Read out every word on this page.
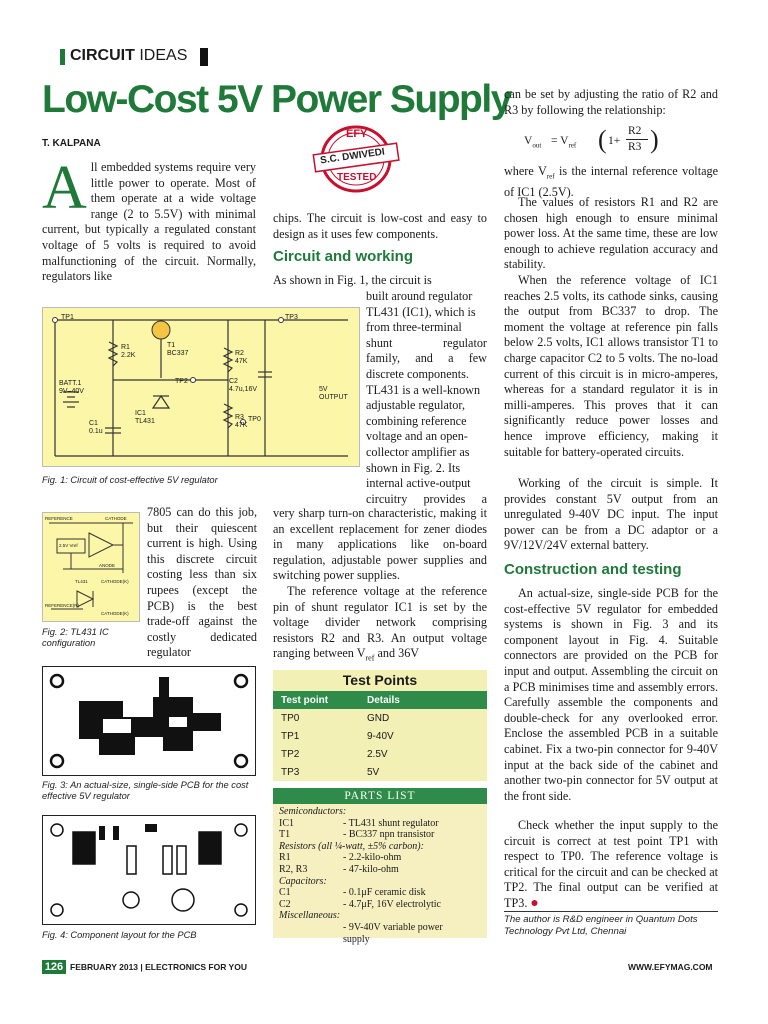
CIRCUIT IDEAS
Low-Cost 5V Power Supply
T. KALPANA
EFY
S.C. DWIVEDI
TESTED
A ll embedded systems require very little power to operate. Most of them operate at a wide voltage range (2 to 5.5V) with minimal current, but typically a regulated constant voltage of 5 volts is required to avoid malfunctioning of the circuit. Normally, regulators like

chips. The circuit is low-cost and easy to design as it uses few components.

Circuit and working

As shown in Fig. 1, the circuit is

built around regulator
TL431 (IC1), which is
from three-terminal
shunt regulator
family, and a few
discrete components.
TL431 is a well-known
adjustable regulator,
combining reference
voltage and an open-
collector amplifier as
shown in Fig. 2. Its
internal active-output
circuitry provides a
TP1	TP3
R1
2.2K
T1
BC337	R2
47K
TP2	C2
4.7u,16V
BATT.1
9V–40V	5V
OUTPUT
IC1
TL431
C1
0.1u
R3
47K
TP0
Fig. 1: Circuit of cost-effective 5V regulator
REFERENCE	CATHODE
2.5V Vref
ANODE
TL431	CATHODE(K)
REFERENCE(R)
CATHODE(K)
Fig. 2: TL431 IC configuration

7805 can do this job, but their quiescent current is high. Using this discrete circuit costing less than six rupees (except the PCB) is the best trade-off against the costly dedicated regulator

very sharp turn-on characteristic, making it an excellent replacement for zener diodes in many applications like on-board regulation, adjustable power supplies and switching power supplies.

The reference voltage at the reference pin of shunt regulator IC1 is set by the voltage divider network comprising resistors R2 and R3. An output voltage ranging between $V_{ref}$ and 36V

Fig. 3: An actual-size, single-side PCB for the cost effective 5V regulator
Fig. 4: Component layout for the PCB
Test Points
Test point	Details
TP0	GND
TP1	9-40V
TP2	2.5V
TP3	5V
PARTS LIST
Semiconductors:
IC1	- TL431 shunt regulator
T1	- BC337 npn transistor
Resistors (all ¼-watt, ±5% carbon):
R1	- 2.2-kilo-ohm
R2, R3	- 47-kilo-ohm
Capacitors:
C1	- 0.1μF ceramic disk
C2	- 4.7μF, 16V electrolytic
Miscellaneous:
- 9V-40V variable power
supply

can be set by adjusting the ratio of R2 and R3 by following the relationship:

$V_{out} = V_{ref}$ ( 1+
R2
R3 )

where $V_{ref}$ is the internal reference voltage of IC1 (2.5V).

The values of resistors R1 and R2 are chosen high enough to ensure minimal power loss. At the same time, these are low enough to achieve regulation accuracy and stability.

When the reference voltage of IC1 reaches 2.5 volts, its cathode sinks, causing the output from BC337 to drop. The moment the voltage at reference pin falls below 2.5 volts, IC1 allows transistor T1 to charge capacitor C2 to 5 volts. The no-load current of this circuit is in micro-amperes, whereas for a standard regulator it is in milli-amperes. This proves that it can significantly reduce power losses and hence improve efficiency, making it suitable for battery-operated circuits.

Working of the circuit is simple. It provides constant 5V output from an unregulated 9-40V DC input. The input power can be from a DC adaptor or a 9V/12V/24V external battery.

Construction and testing

An actual-size, single-side PCB for the cost-effective 5V regulator for embedded systems is shown in Fig. 3 and its component layout in Fig. 4. Suitable connectors are provided on the PCB for input and output. Assembling the circuit on a PCB minimises time and assembly errors. Carefully assemble the components and double-check for any overlooked error. Enclose the assembled PCB in a suitable cabinet. Fix a two-pin connector for 9-40V input at the back side of the cabinet and another two-pin connector for 5V output at the front side.

Check whether the input supply to the circuit is correct at test point TP1 with respect to TP0. The reference voltage is critical for the circuit and can be checked at TP2. The final output can be verified at TP3. ●

The author is R&D engineer in Quantum Dots Technology Pvt Ltd, Chennai
126 FEBRUARY 2013 | ELECTRONICS FOR YOU	WWW.EFYMAG.COM
